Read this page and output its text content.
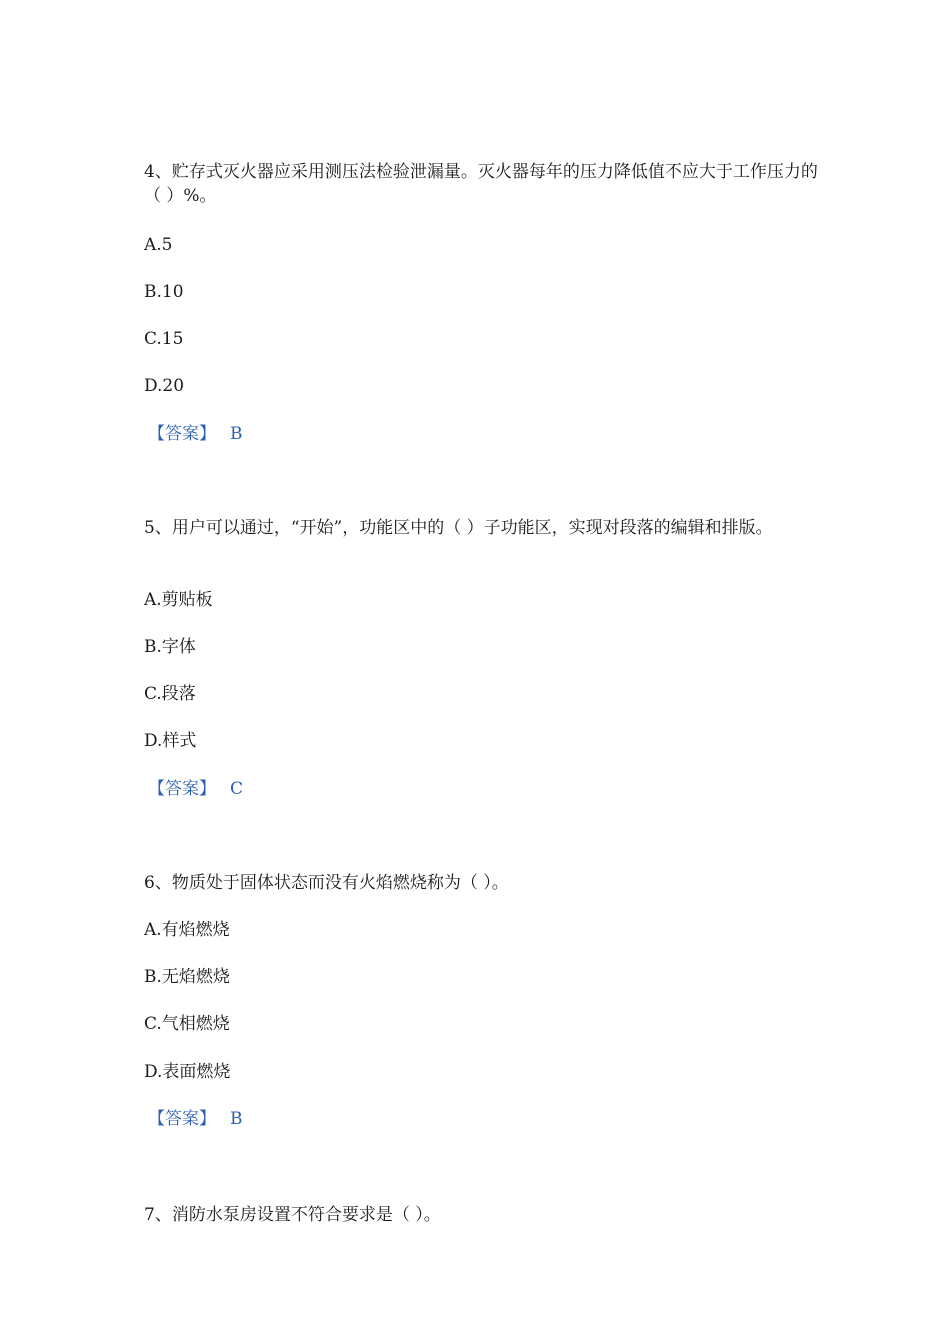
4、贮存式灭火器应采用测压法检验泄漏量。灭火器每年的压力降低值不应大于工作压力的（ ）%。
A.5
B.10
C.15
D.20
【答案】 B
5、用户可以通过，“开始”，功能区中的（ ）子功能区，实现对段落的编辑和排版。
A.剪贴板
B.字体
C.段落
D.样式
【答案】 C
6、物质处于固体状态而没有火焰燃烧称为（ ）。
A.有焰燃烧
B.无焰燃烧
C.气相燃烧
D.表面燃烧
【答案】 B
7、消防水泵房设置不符合要求是（ ）。
